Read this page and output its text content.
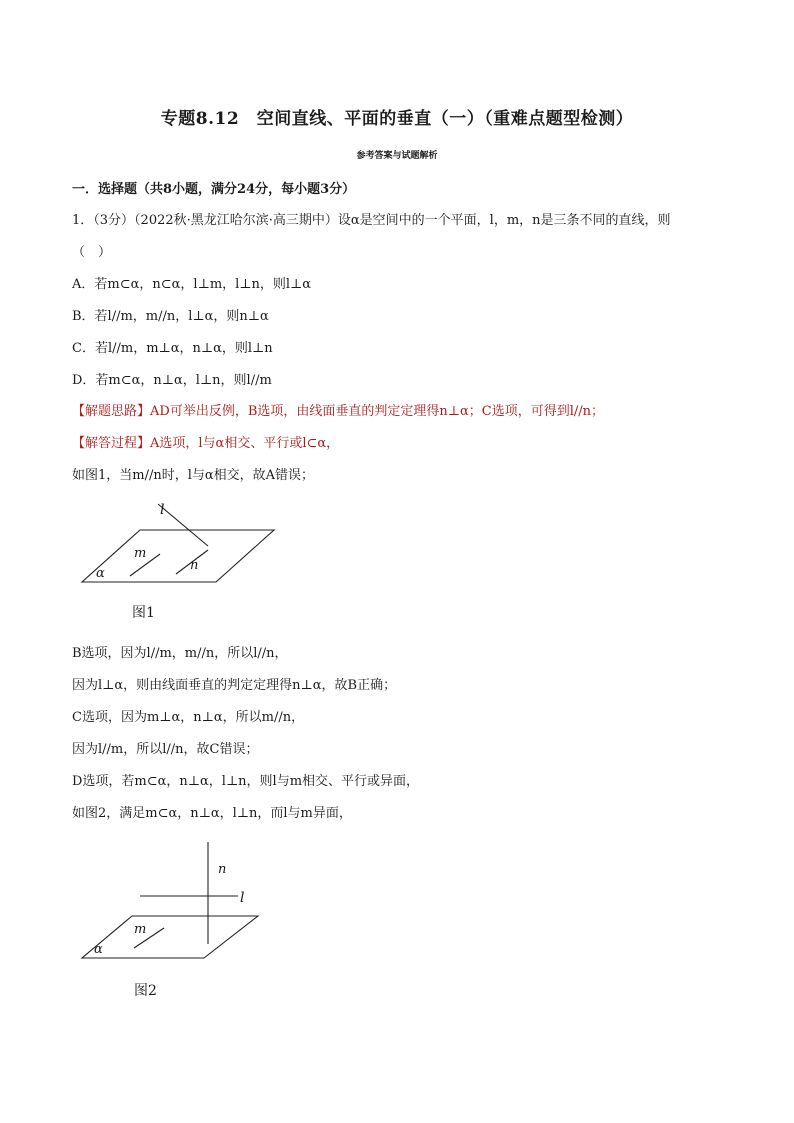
专题8.12　空间直线、平面的垂直（一）（重难点题型检测）
参考答案与试题解析
一．选择题（共8小题，满分24分，每小题3分）
1．（3分）（2022秋·黑龙江哈尔滨·高三期中）设α是空间中的一个平面，l，m，n是三条不同的直线，则
（　）
A．若m⊂α，n⊂α，l⊥m，l⊥n，则l⊥α
B．若l//m，m//n，l⊥α，则n⊥α
C．若l//m，m⊥α，n⊥α，则l⊥n
D．若m⊂α，n⊥α，l⊥n，则l//m
【解题思路】AD可举出反例，B选项，由线面垂直的判定定理得n⊥α；C选项，可得到l//n；
【解答过程】A选项，l与α相交、平行或l⊂α，
如图1，当m//n时，l与α相交，故A错误；
l
m
n
α
图1
B选项，因为l//m，m//n，所以l//n，
因为l⊥α，则由线面垂直的判定定理得n⊥α，故B正确；
C选项，因为m⊥α，n⊥α，所以m//n，
因为l//m，所以l//n，故C错误；
D选项，若m⊂α，n⊥α，l⊥n，则l与m相交、平行或异面，
如图2，满足m⊂α，n⊥α，l⊥n，而l与m异面，
n
l
m
α
图2
